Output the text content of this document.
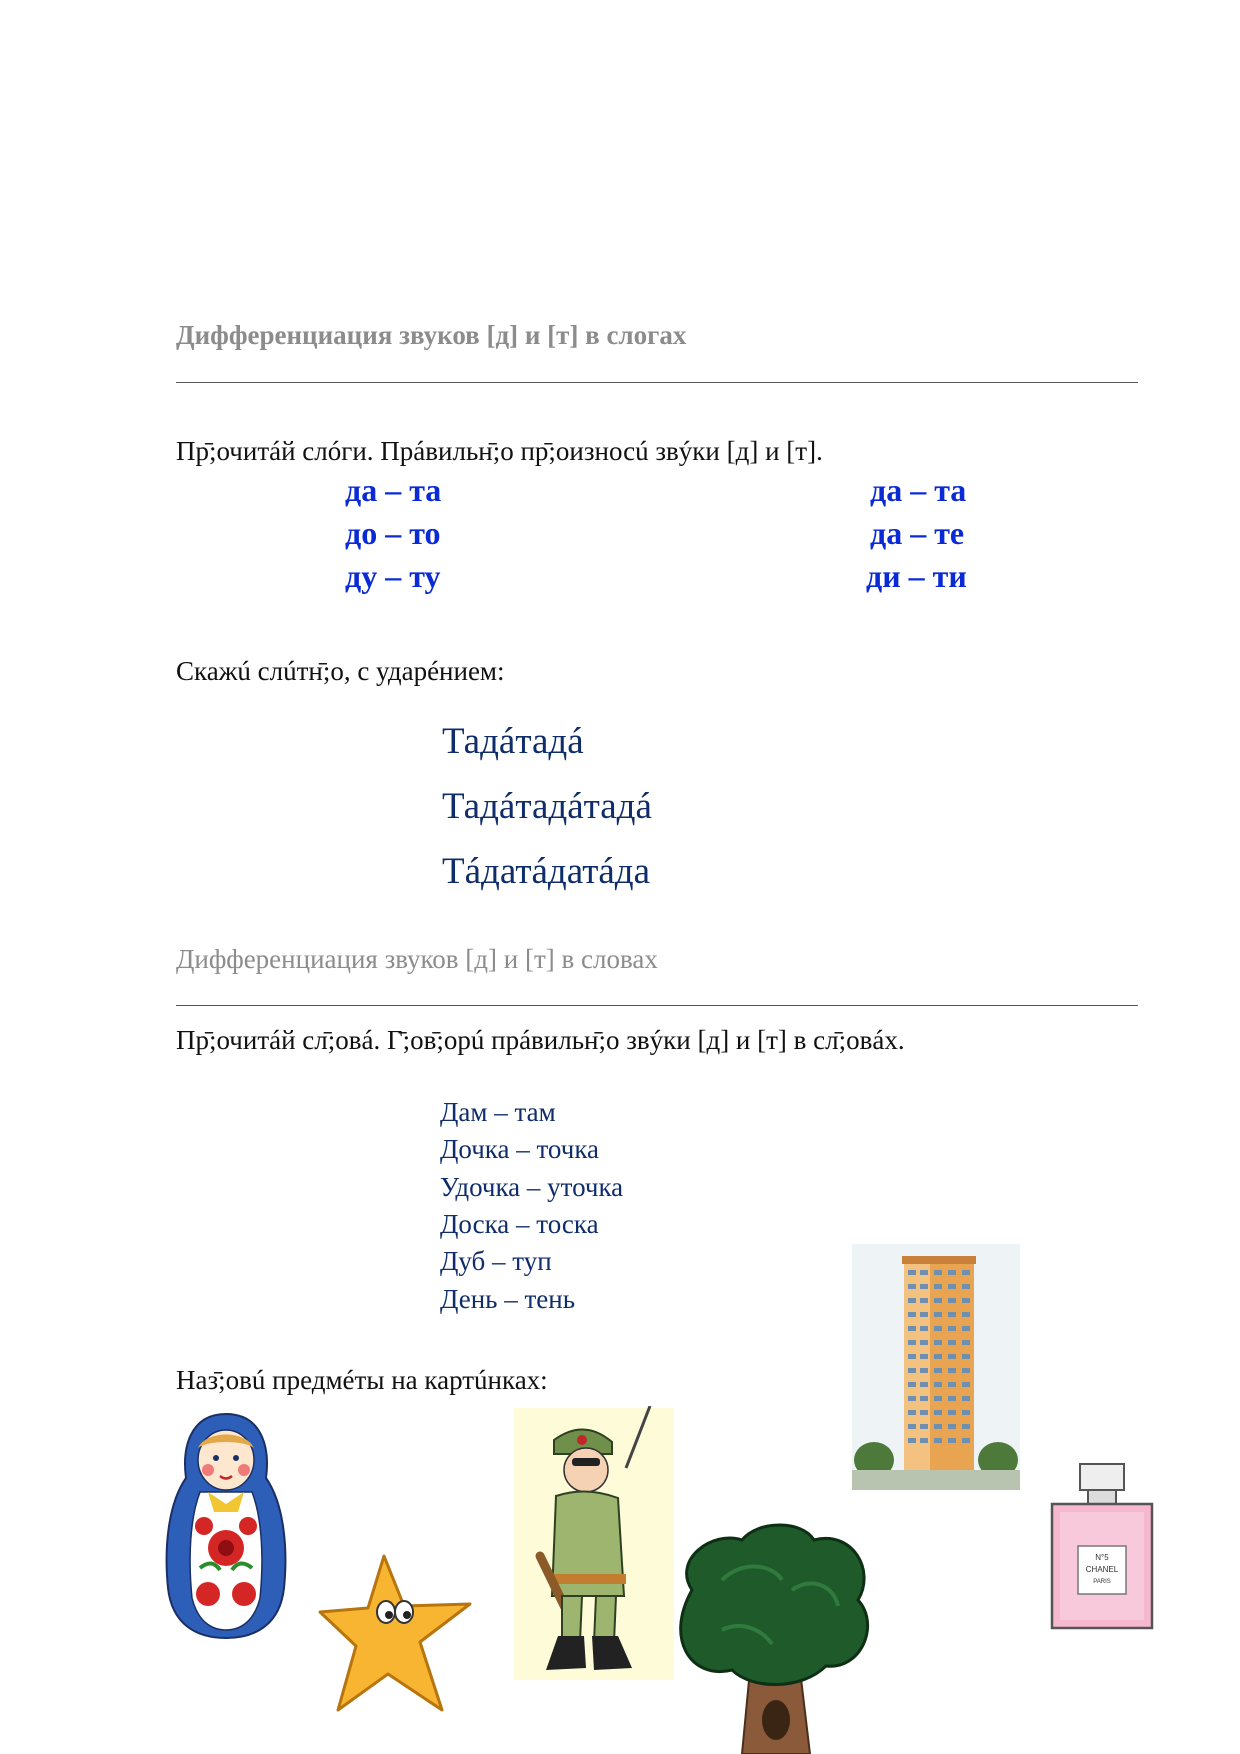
Дифференциация звуков [д] и [т] в слогах
Пр̄;очитáй слóги. Прáвильн̄;о пр̄;оизносú звýки [д] и [т].
да – та
до – то
ду – ту
да – та
да – те
ди – ти
Скажú слúтн̄;о, с ударéнием:
Тадáтадá
Тадáтадáтадá
Тáдатáдатáда
Дифференциация звуков [д] и [т] в словах
Пр̄;очитáй сл̄;овá. Г̄;ов̄;орú прáвильн̄;о звýки [д] и [т] в сл̄;овáх.
Дам – там
Дочка – точка
Удочка – уточка
Доска – тоска
Дуб – туп
День – тень
Наз̄;овú предмéты на картúнках:
N°5
CHANEL
PARIS
